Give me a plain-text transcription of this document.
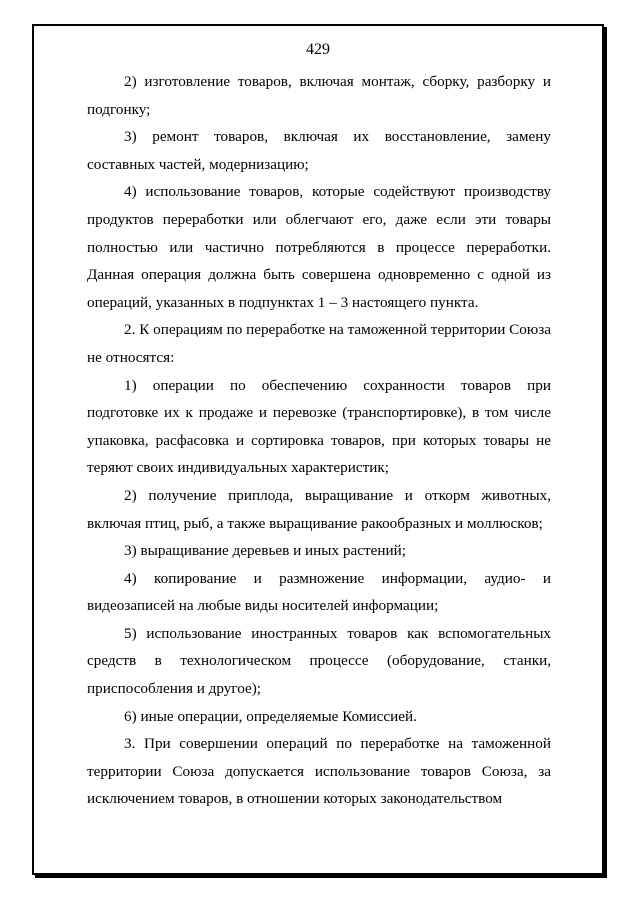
429

2) изготовление товаров, включая монтаж, сборку, разборку и подгонку;

3) ремонт товаров, включая их восстановление, замену составных частей, модернизацию;

4) использование товаров, которые содействуют производству продуктов переработки или облегчают его, даже если эти товары полностью или частично потребляются в процессе переработки. Данная операция должна быть совершена одновременно с одной из операций, указанных в подпунктах 1 – 3 настоящего пункта.

2. К операциям по переработке на таможенной территории Союза не относятся:

1) операции по обеспечению сохранности товаров при подготовке их к продаже и перевозке (транспортировке), в том числе упаковка, расфасовка и сортировка товаров, при которых товары не теряют своих индивидуальных характеристик;

2) получение приплода, выращивание и откорм животных, включая птиц, рыб, а также выращивание ракообразных и моллюсков;

3) выращивание деревьев и иных растений;

4) копирование и размножение информации, аудио- и видеозаписей на любые виды носителей информации;

5) использование иностранных товаров как вспомогательных средств в технологическом процессе (оборудование, станки, приспособления и другое);

6) иные операции, определяемые Комиссией.

3. При совершении операций по переработке на таможенной территории Союза допускается использование товаров Союза, за исключением товаров, в отношении которых законодательством
